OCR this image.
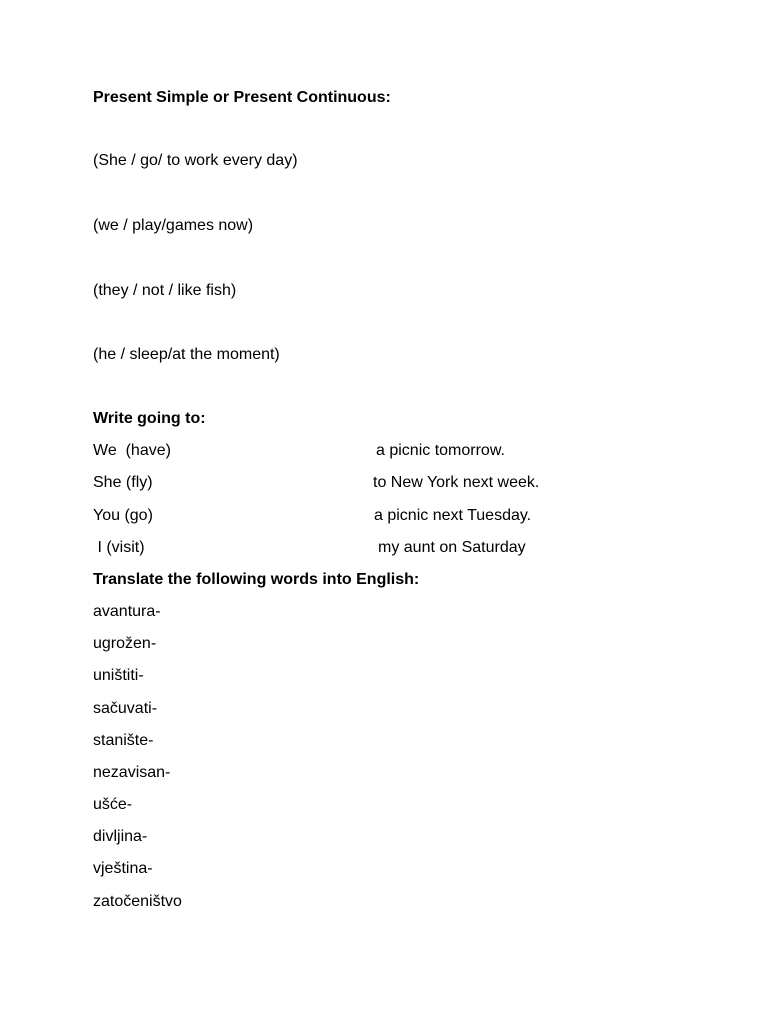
Present Simple or Present Continuous:
(She / go/ to work every day)
(we / play/games now)
(they / not / like fish)
(he / sleep/at the moment)
Write going to:
We  (have)	a picnic tomorrow.
She (fly)	to New York next week.
You (go)	a picnic next Tuesday.
I (visit)	my aunt on Saturday
Translate the following words into English:
avantura-
ugrožen-
uništiti-
sačuvati-
stanište-
nezavisan-
ušće-
divljina-
vještina-
zatočeništvo
